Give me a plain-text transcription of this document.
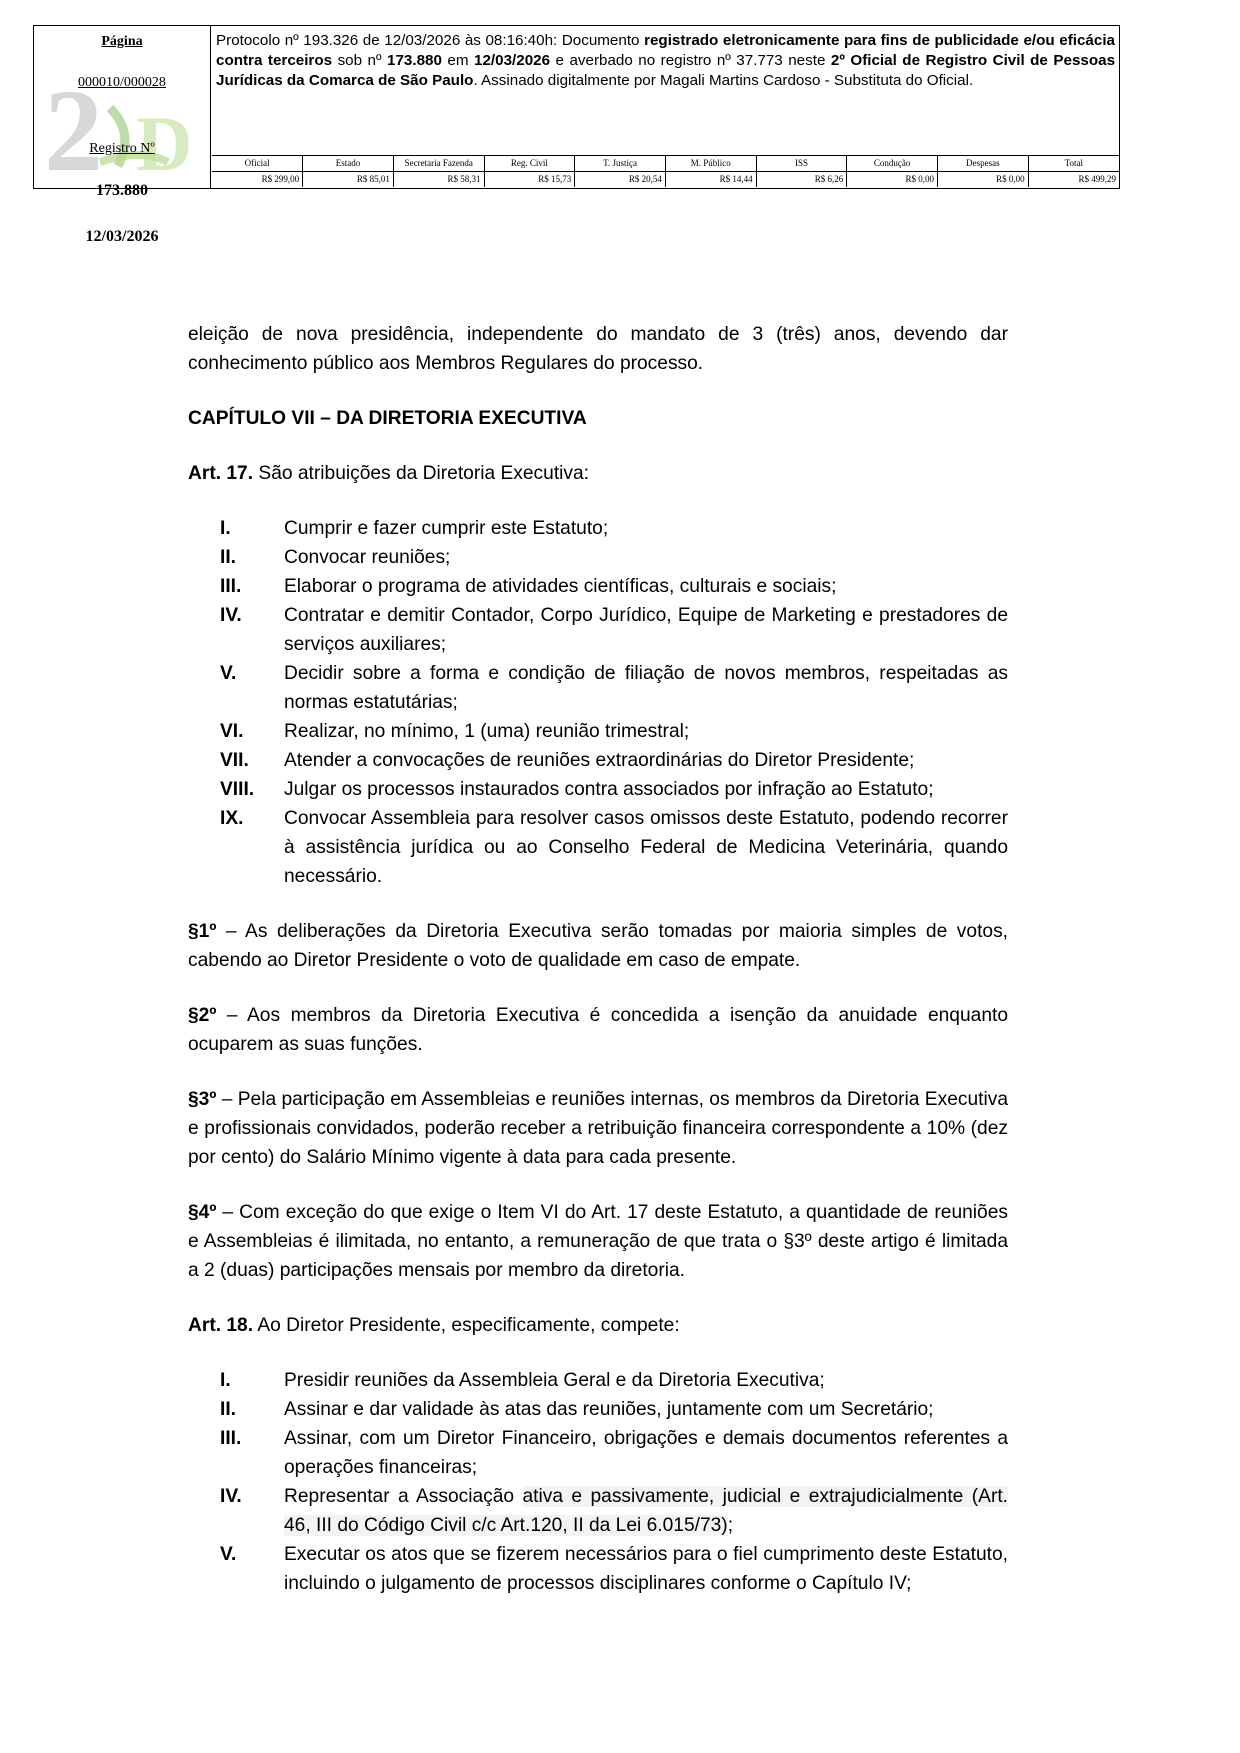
2 D
Página
000010/000028
Registro Nº
173.880
12/03/2026
Protocolo nº 193.326 de 12/03/2026 às 08:16:40h: Documento registrado eletronicamente para fins de publicidade e/ou eficácia contra terceiros sob nº 173.880 em 12/03/2026 e averbado no registro nº 37.773 neste 2º Oficial de Registro Civil de Pessoas Jurídicas da Comarca de São Paulo. Assinado digitalmente por Magali Martins Cardoso - Substituta do Oficial.
Oficial	Estado	Secretaria Fazenda	Reg. Civil	T. Justiça	M. Público	ISS	Condução	Despesas	Total
R$ 299,00	R$ 85,01	R$ 58,31	R$ 15,73	R$ 20,54	R$ 14,44	R$ 6,26	R$ 0,00	R$ 0,00	R$ 499,29

eleição de nova presidência, independente do mandato de 3 (três) anos, devendo dar conhecimento público aos Membros Regulares do processo.

CAPÍTULO VII – DA DIRETORIA EXECUTIVA

Art. 17. São atribuições da Diretoria Executiva:

I.	Cumprir e fazer cumprir este Estatuto;
II.	Convocar reuniões;
III.	Elaborar o programa de atividades científicas, culturais e sociais;
IV.	Contratar e demitir Contador, Corpo Jurídico, Equipe de Marketing e prestadores de serviços auxiliares;
V.	Decidir sobre a forma e condição de filiação de novos membros, respeitadas as normas estatutárias;
VI.	Realizar, no mínimo, 1 (uma) reunião trimestral;
VII.	Atender a convocações de reuniões extraordinárias do Diretor Presidente;
VIII.	Julgar os processos instaurados contra associados por infração ao Estatuto;
IX.	Convocar Assembleia para resolver casos omissos deste Estatuto, podendo recorrer à assistência jurídica ou ao Conselho Federal de Medicina Veterinária, quando necessário.

§1º – As deliberações da Diretoria Executiva serão tomadas por maioria simples de votos, cabendo ao Diretor Presidente o voto de qualidade em caso de empate.

§2º – Aos membros da Diretoria Executiva é concedida a isenção da anuidade enquanto ocuparem as suas funções.

§3º – Pela participação em Assembleias e reuniões internas, os membros da Diretoria Executiva e profissionais convidados, poderão receber a retribuição financeira correspondente a 10% (dez por cento) do Salário Mínimo vigente à data para cada presente.

§4º – Com exceção do que exige o Item VI do Art. 17 deste Estatuto, a quantidade de reuniões e Assembleias é ilimitada, no entanto, a remuneração de que trata o §3º deste artigo é limitada a 2 (duas) participações mensais por membro da diretoria.

Art. 18. Ao Diretor Presidente, especificamente, compete:

I.	Presidir reuniões da Assembleia Geral e da Diretoria Executiva;
II.	Assinar e dar validade às atas das reuniões, juntamente com um Secretário;
III.	Assinar, com um Diretor Financeiro, obrigações e demais documentos referentes a operações financeiras;
IV.	Representar a Associação ativa e passivamente, judicial e extrajudicialmente (Art. 46, III do Código Civil c/c Art.120, II da Lei 6.015/73);
V.	Executar os atos que se fizerem necessários para o fiel cumprimento deste Estatuto, incluindo o julgamento de processos disciplinares conforme o Capítulo IV;
